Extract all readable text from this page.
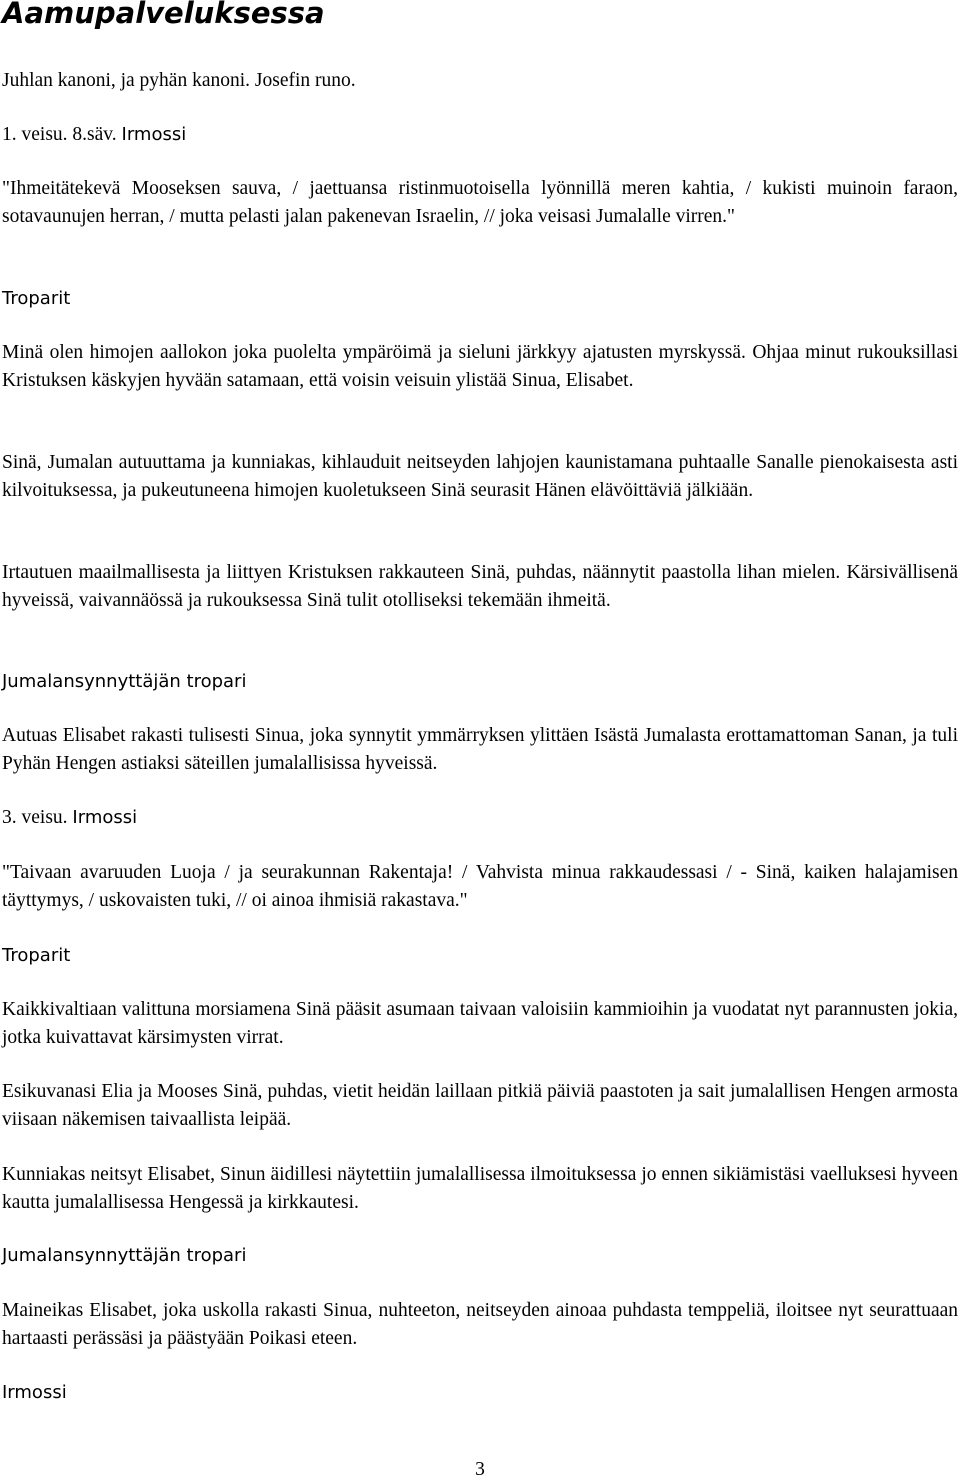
Aamupalveluksessa

Juhlan kanoni, ja pyhän kanoni. Josefin runo.

1. veisu. 8.säv. Irmossi

"Ihmeitätekevä Mooseksen sauva, / jaettuansa ristinmuotoisella lyönnillä meren kahtia, / kukisti muinoin faraon, sotavaunujen herran, / mutta pelasti jalan pakenevan Israelin, // joka veisasi Jumalalle virren."

Troparit

Minä olen himojen aallokon joka puolelta ympäröimä ja sieluni järkkyy ajatusten myrskyssä. Ohjaa minut rukouksillasi Kristuksen käskyjen hyvään satamaan, että voisin veisuin ylistää Sinua, Elisabet.

Sinä, Jumalan autuuttama ja kunniakas, kihlauduit neitseyden lahjojen kaunistamana puhtaalle Sanalle pienokaisesta asti kilvoituksessa, ja pukeutuneena himojen kuoletukseen Sinä seurasit Hänen elävöittäviä jälkiään.

Irtautuen maailmallisesta ja liittyen Kristuksen rakkauteen Sinä, puhdas, näännytit paastolla lihan mielen. Kärsivällisenä hyveissä, vaivannäössä ja rukouksessa Sinä tulit otolliseksi tekemään ihmeitä.

Jumalansynnyttäjän tropari

Autuas Elisabet rakasti tulisesti Sinua, joka synnytit ymmärryksen ylittäen Isästä Jumalasta erottamattoman Sanan, ja tuli Pyhän Hengen astiaksi säteillen jumalallisissa hyveissä.

3. veisu. Irmossi

"Taivaan avaruuden Luoja / ja seurakunnan Rakentaja! / Vahvista minua rakkaudessasi / - Sinä, kaiken halajamisen täyttymys, / uskovaisten tuki, // oi ainoa ihmisiä rakastava."

Troparit

Kaikkivaltiaan valittuna morsiamena Sinä pääsit asumaan taivaan valoisiin kammioihin ja vuodatat nyt parannusten jokia, jotka kuivattavat kärsimysten virrat.

Esikuvanasi Elia ja Mooses Sinä, puhdas, vietit heidän laillaan pitkiä päiviä paastoten ja sait jumalallisen Hengen armosta viisaan näkemisen taivaallista leipää.

Kunniakas neitsyt Elisabet, Sinun äidillesi näytettiin jumalallisessa ilmoituksessa jo ennen sikiämistäsi vaelluksesi hyveen kautta jumalallisessa Hengessä ja kirkkautesi.

Jumalansynnyttäjän tropari

Maineikas Elisabet, joka uskolla rakasti Sinua, nuhteeton, neitseyden ainoaa puhdasta temppeliä, iloitsee nyt seurattuaan hartaasti perässäsi ja päästyään Poikasi eteen.

Irmossi

3
